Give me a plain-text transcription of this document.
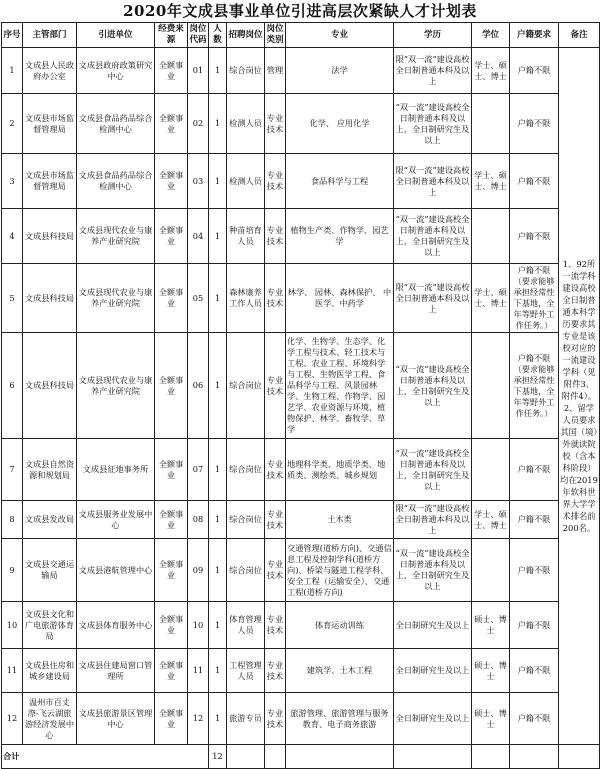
2020年文成县事业单位引进高层次紧缺人才计划表
序号	主管部门	引进单位	经费来源	岗位代码	人数	招聘岗位	岗位类别	专业	学历	学位	户籍要求	备注
1	文成县人民政府办公室	文成县政府政策研究中心	全额事业	01	1	综合岗位	管理	法学	限“双一流”建设高校全日制普通本科及以上	学士、硕士、博士	户籍不限	1、92所一流学科建设高校全日制普通本科学历要求其专业是该校对应的一流建设学科（见附件3、附件4）。2、留学人员要求其国（境）外就读院校（含本科阶段）均在2019年软科世界大学学术排名前200名。
2	文成县市场监督管理局	文成县食品药品综合检测中心	全额事业	02	1	检测人员	专业技术	化学、 应用化学	“双一流”建设高校全日制普通本科及以上，全日制研究生及以上		户籍不限	
3	文成县市场监督管理局	文成县食品药品综合检测中心	全额事业	03	1	检测人员	专业技术	食品科学与工程	限“双一流”建设高校全日制普通本科及以上	学士、硕士、博士	户籍不限	
4	文成县科技局	文成县现代农业与康养产业研究院	全额事业	04	1	种苗培育人员	专业技术	植物生产类、作物学、园艺学	“双一流”建设高校全日制普通本科及以上，全日制研究生及以上		户籍不限	
5	文成县科技局	文成县现代农业与康养产业研究院	全额事业	05	1	森林康养工作人员	专业技术	林学、 园林、森林保护、 中医学、中药学	限“双一流”建设高校全日制普通本科及以上	学士、硕士、博士	户籍不限（要求能够承担经常性下基地，全年等野外工作任务。）	
6	文成县科技局	文成县现代农业与康养产业研究院	全额事业	06	1	综合岗位	专业技术	化学、生物学、生态学、化学工程与技术、轻工技术与工程、农业工程、环境科学与工程、生物医学工程、食品科学与工程、风景园林学、生物工程、作物学、园艺学、农业资源与环境、植物保护、林学、畜牧学、草学	“双一流”建设高校全日制普通本科及以上，全日制研究生及以上		户籍不限（要求能够承担经常性下基地，全年等野外工作任务。）	
7	文成县自然资源和规划局	文成县征地事务所	全额事业	07	1	综合岗位	专业技术	地理科学类、地质学类、地质类、测绘类、城乡规划	“双一流”建设高校全日制普通本科及以上，全日制研究生及以上		户籍不限	
8	文成县发改局	文成县服务业发展中心	全额事业	08	1	综合岗位	专业技术	土木类	限“双一流”建设高校全日制普通本科及以上	学士、硕士、博士	户籍不限	
9	文成县交通运输局	文成县港航管理中心	全额事业	09	1	综合岗位	专业技术	交通管理(道桥方向)、交通信息工程及控制学科(道桥方向)、桥梁与隧道工程学科、安全工程（运输安全）、交通工程(道桥方向)	“双一流”建设高校全日制普通本科及以上，全日制研究生及以上		户籍不限	
10	文成县文化和广电旅游体育局	文成县体育服务中心	全额事业	10	1	体育管理人员	专业技术	体育运动训练	全日制研究生及以上	硕士、博士	户籍不限	
11	文成县住房和城乡建设局	文成县住建局窗口管理所	全额事业	11	1	工程管理人员	专业技术	建筑学、土木工程	全日制研究生及以上	硕士、博士	户籍不限	
12	温州市百丈漈-飞云湖旅游经济发展中心	文成县旅游景区管理中心	全额事业	12	1	旅游专员	专业技术	旅游管理、旅游管理与服务教育、电子商务旅游	全日制研究生及以上	硕士、博士	户籍不限	
合计					12							
